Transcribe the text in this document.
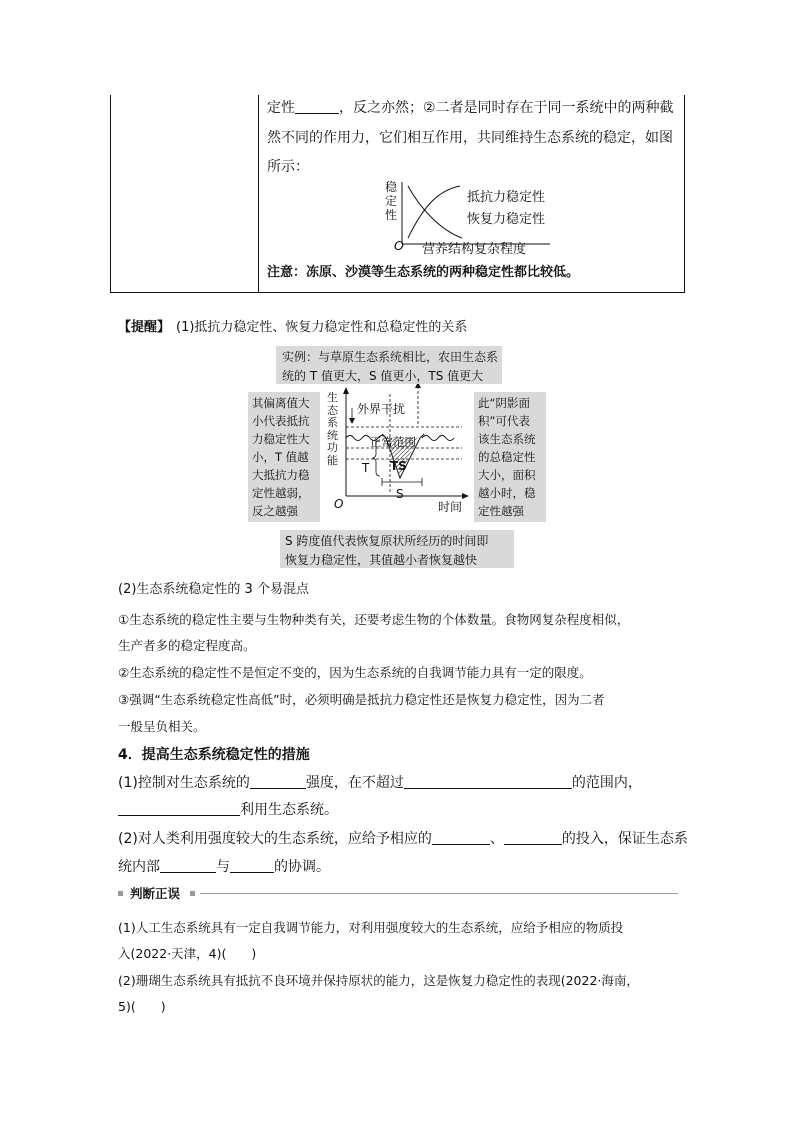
定性	，反之亦然；②二者是同时存在于同一系统中的两种截
然不同的作用力，它们相互作用，共同维持生态系统的稳定，如图
所示：
稳定性
抵抗力稳定性
恢复力稳定性
O 营养结构复杂程度
注意：冻原、沙漠等生态系统的两种稳定性都比较低。
【提醒】 (1)抵抗力稳定性、恢复力稳定性和总稳定性的关系
实例：与草原生态系统相比，农田生态系
统的 T 值更大，S 值更小，TS 值更大
其偏离值大
小代表抵抗
力稳定性大
小，T 值越
大抵抗力稳
定性越弱，
反之越强
此“阴影面
积”可代表
该生态系统
的总稳定性
大小，面积
越小时，稳
定性越强
S 跨度值代表恢复原状所经历的时间即
恢复力稳定性，其值越小者恢复越快
生态系统功能
外界干扰
正常范围
T TS
S
O	时间
(2)生态系统稳定性的 3 个易混点
①生态系统的稳定性主要与生物种类有关，还要考虑生物的个体数量。食物网复杂程度相似，
生产者多的稳定程度高。
②生态系统的稳定性不是恒定不变的，因为生态系统的自我调节能力具有一定的限度。
③强调“生态系统稳定性高低”时，必须明确是抵抗力稳定性还是恢复力稳定性，因为二者
一般呈负相关。
4．提高生态系统稳定性的措施
(1)控制对生态系统的	强度，在不超过	的范围内，
利用生态系统。
(2)对人类利用强度较大的生态系统，应给予相应的	、	的投入，保证生态系
统内部	与	的协调。
判断正误
(1)人工生态系统具有一定自我调节能力，对利用强度较大的生态系统，应给予相应的物质投
入(2022·天津，4)(　　)
(2)珊瑚生态系统具有抵抗不良环境并保持原状的能力，这是恢复力稳定性的表现(2022·海南，
5)(　　)
